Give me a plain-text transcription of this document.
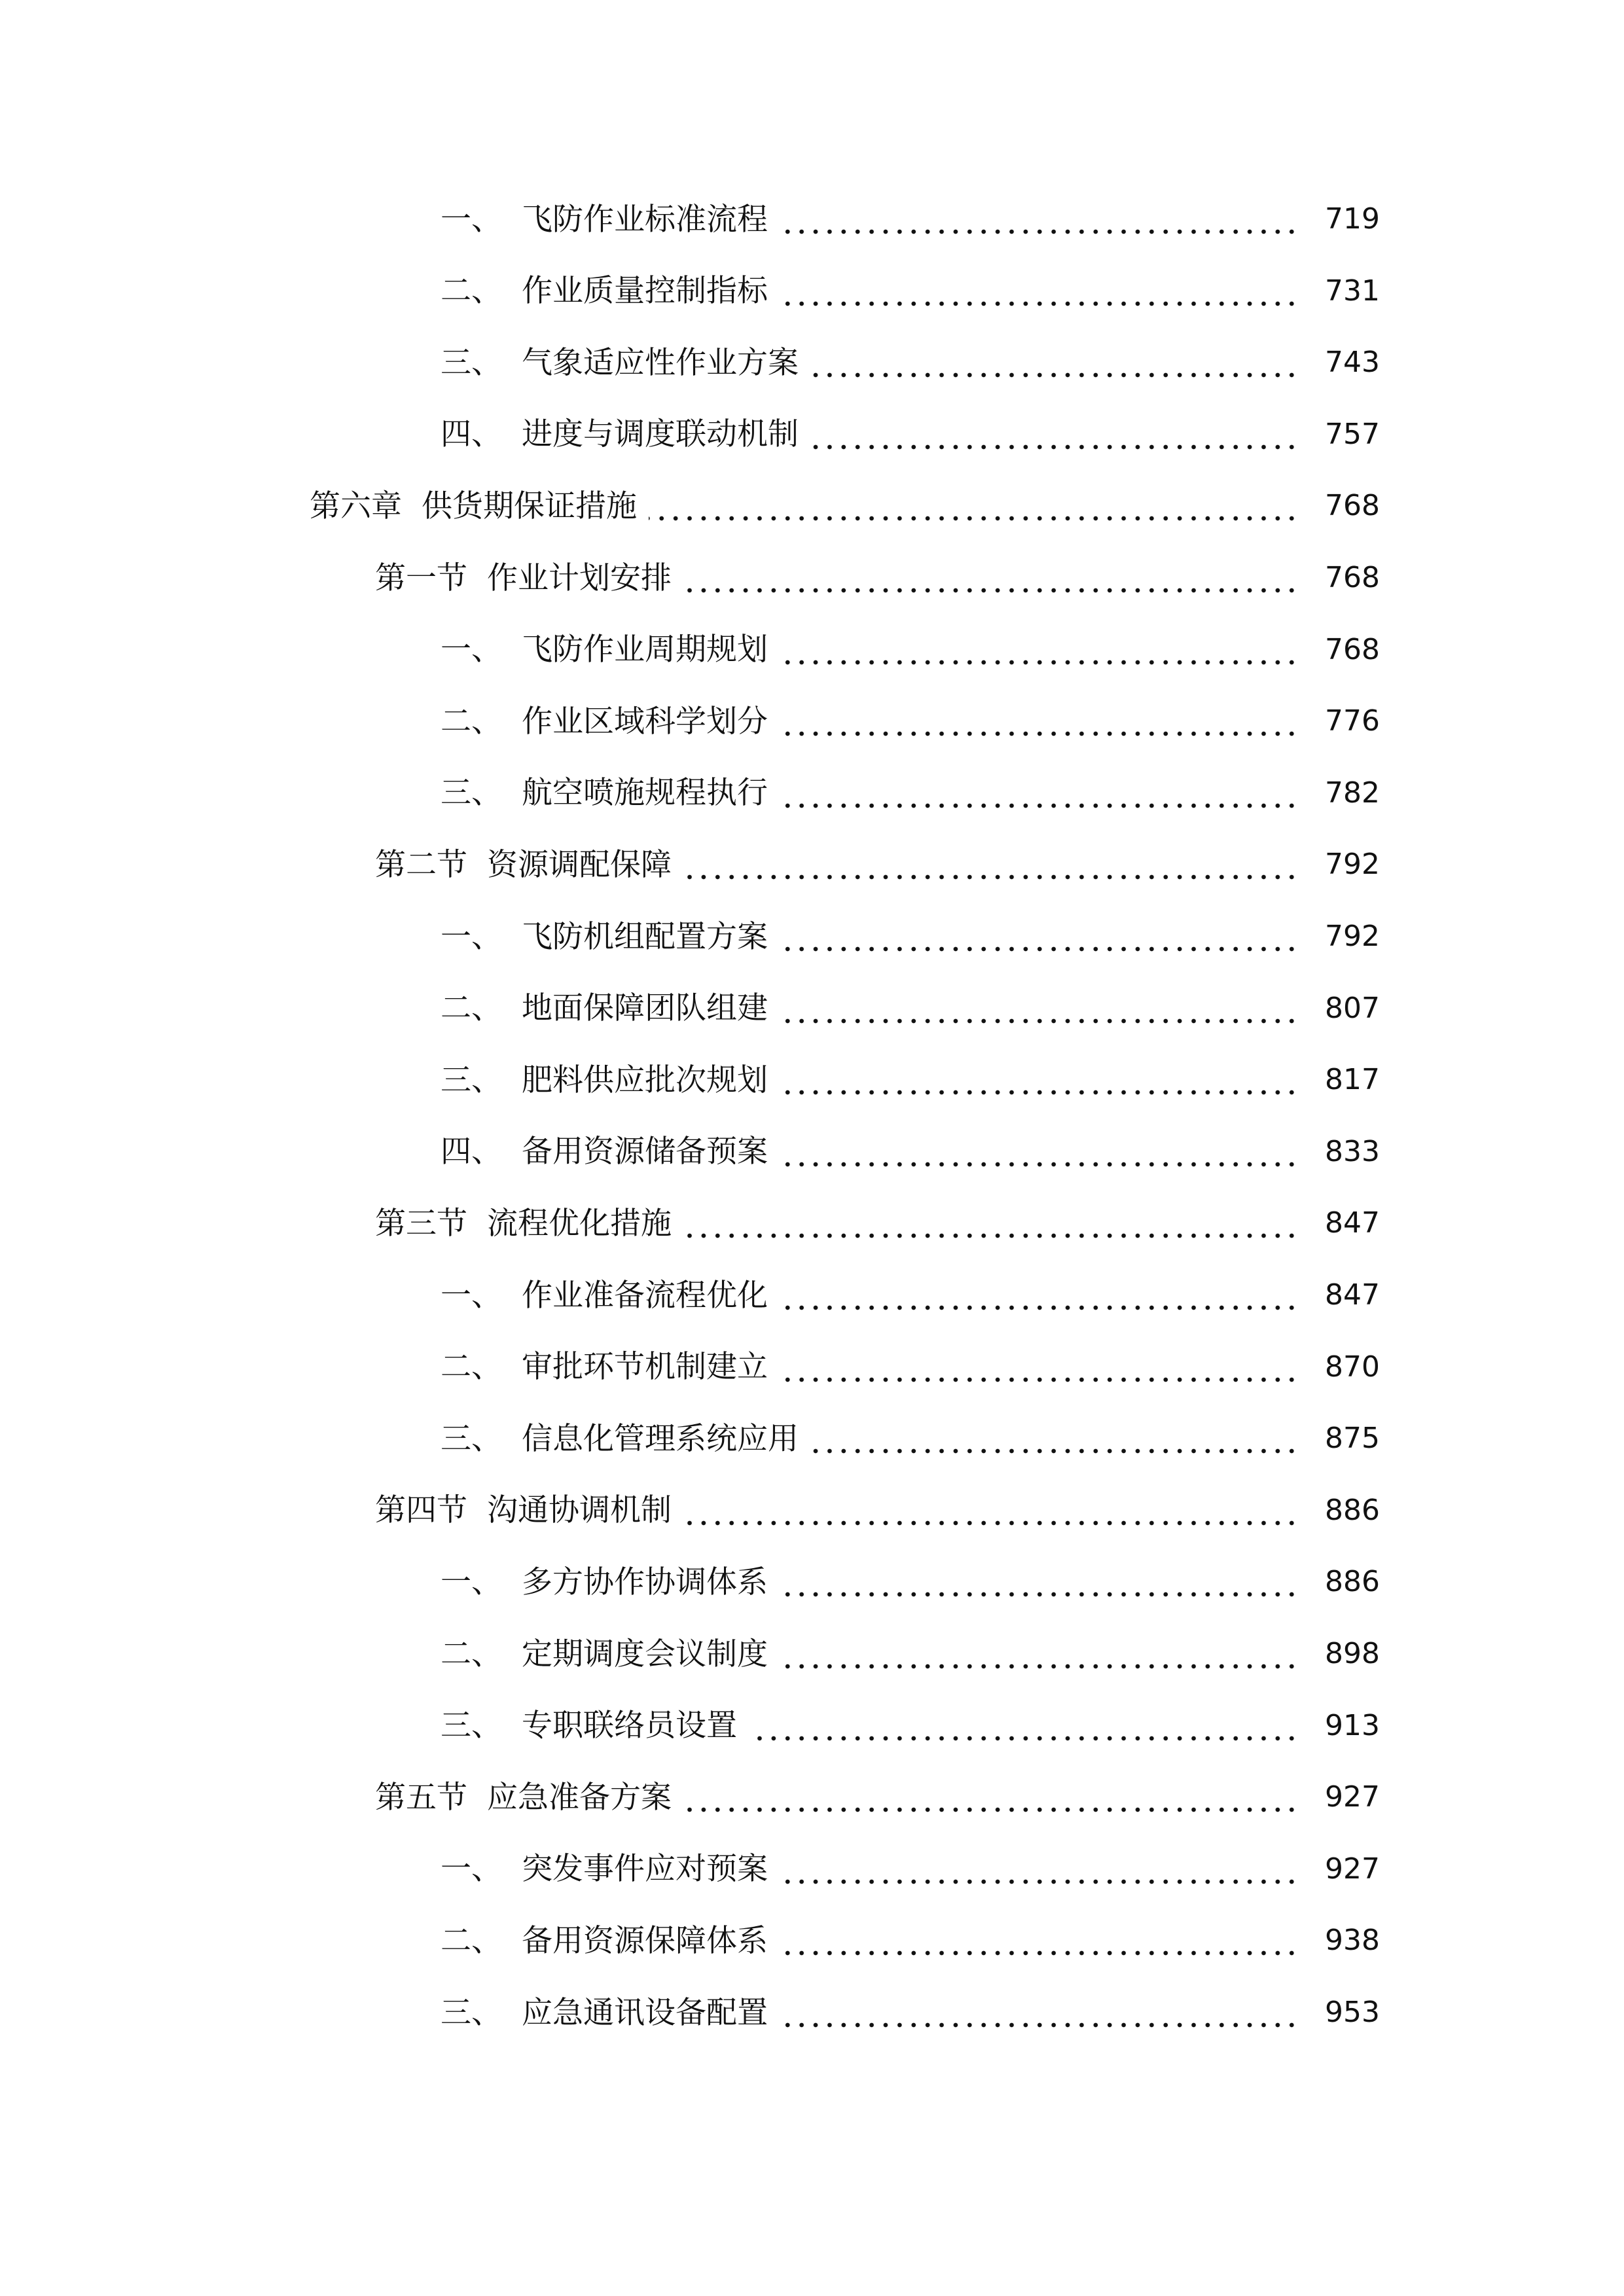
一、 飞防作业标准流程	719
二、 作业质量控制指标	731
三、 气象适应性作业方案	743
四、 进度与调度联动机制	757
第六章 供货期保证措施	768
第一节 作业计划安排	768
一、 飞防作业周期规划	768
二、 作业区域科学划分	776
三、 航空喷施规程执行	782
第二节 资源调配保障	792
一、 飞防机组配置方案	792
二、 地面保障团队组建	807
三、 肥料供应批次规划	817
四、 备用资源储备预案	833
第三节 流程优化措施	847
一、 作业准备流程优化	847
二、 审批环节机制建立	870
三、 信息化管理系统应用	875
第四节 沟通协调机制	886
一、 多方协作协调体系	886
二、 定期调度会议制度	898
三、 专职联络员设置	913
第五节 应急准备方案	927
一、 突发事件应对预案	927
二、 备用资源保障体系	938
三、 应急通讯设备配置	953
